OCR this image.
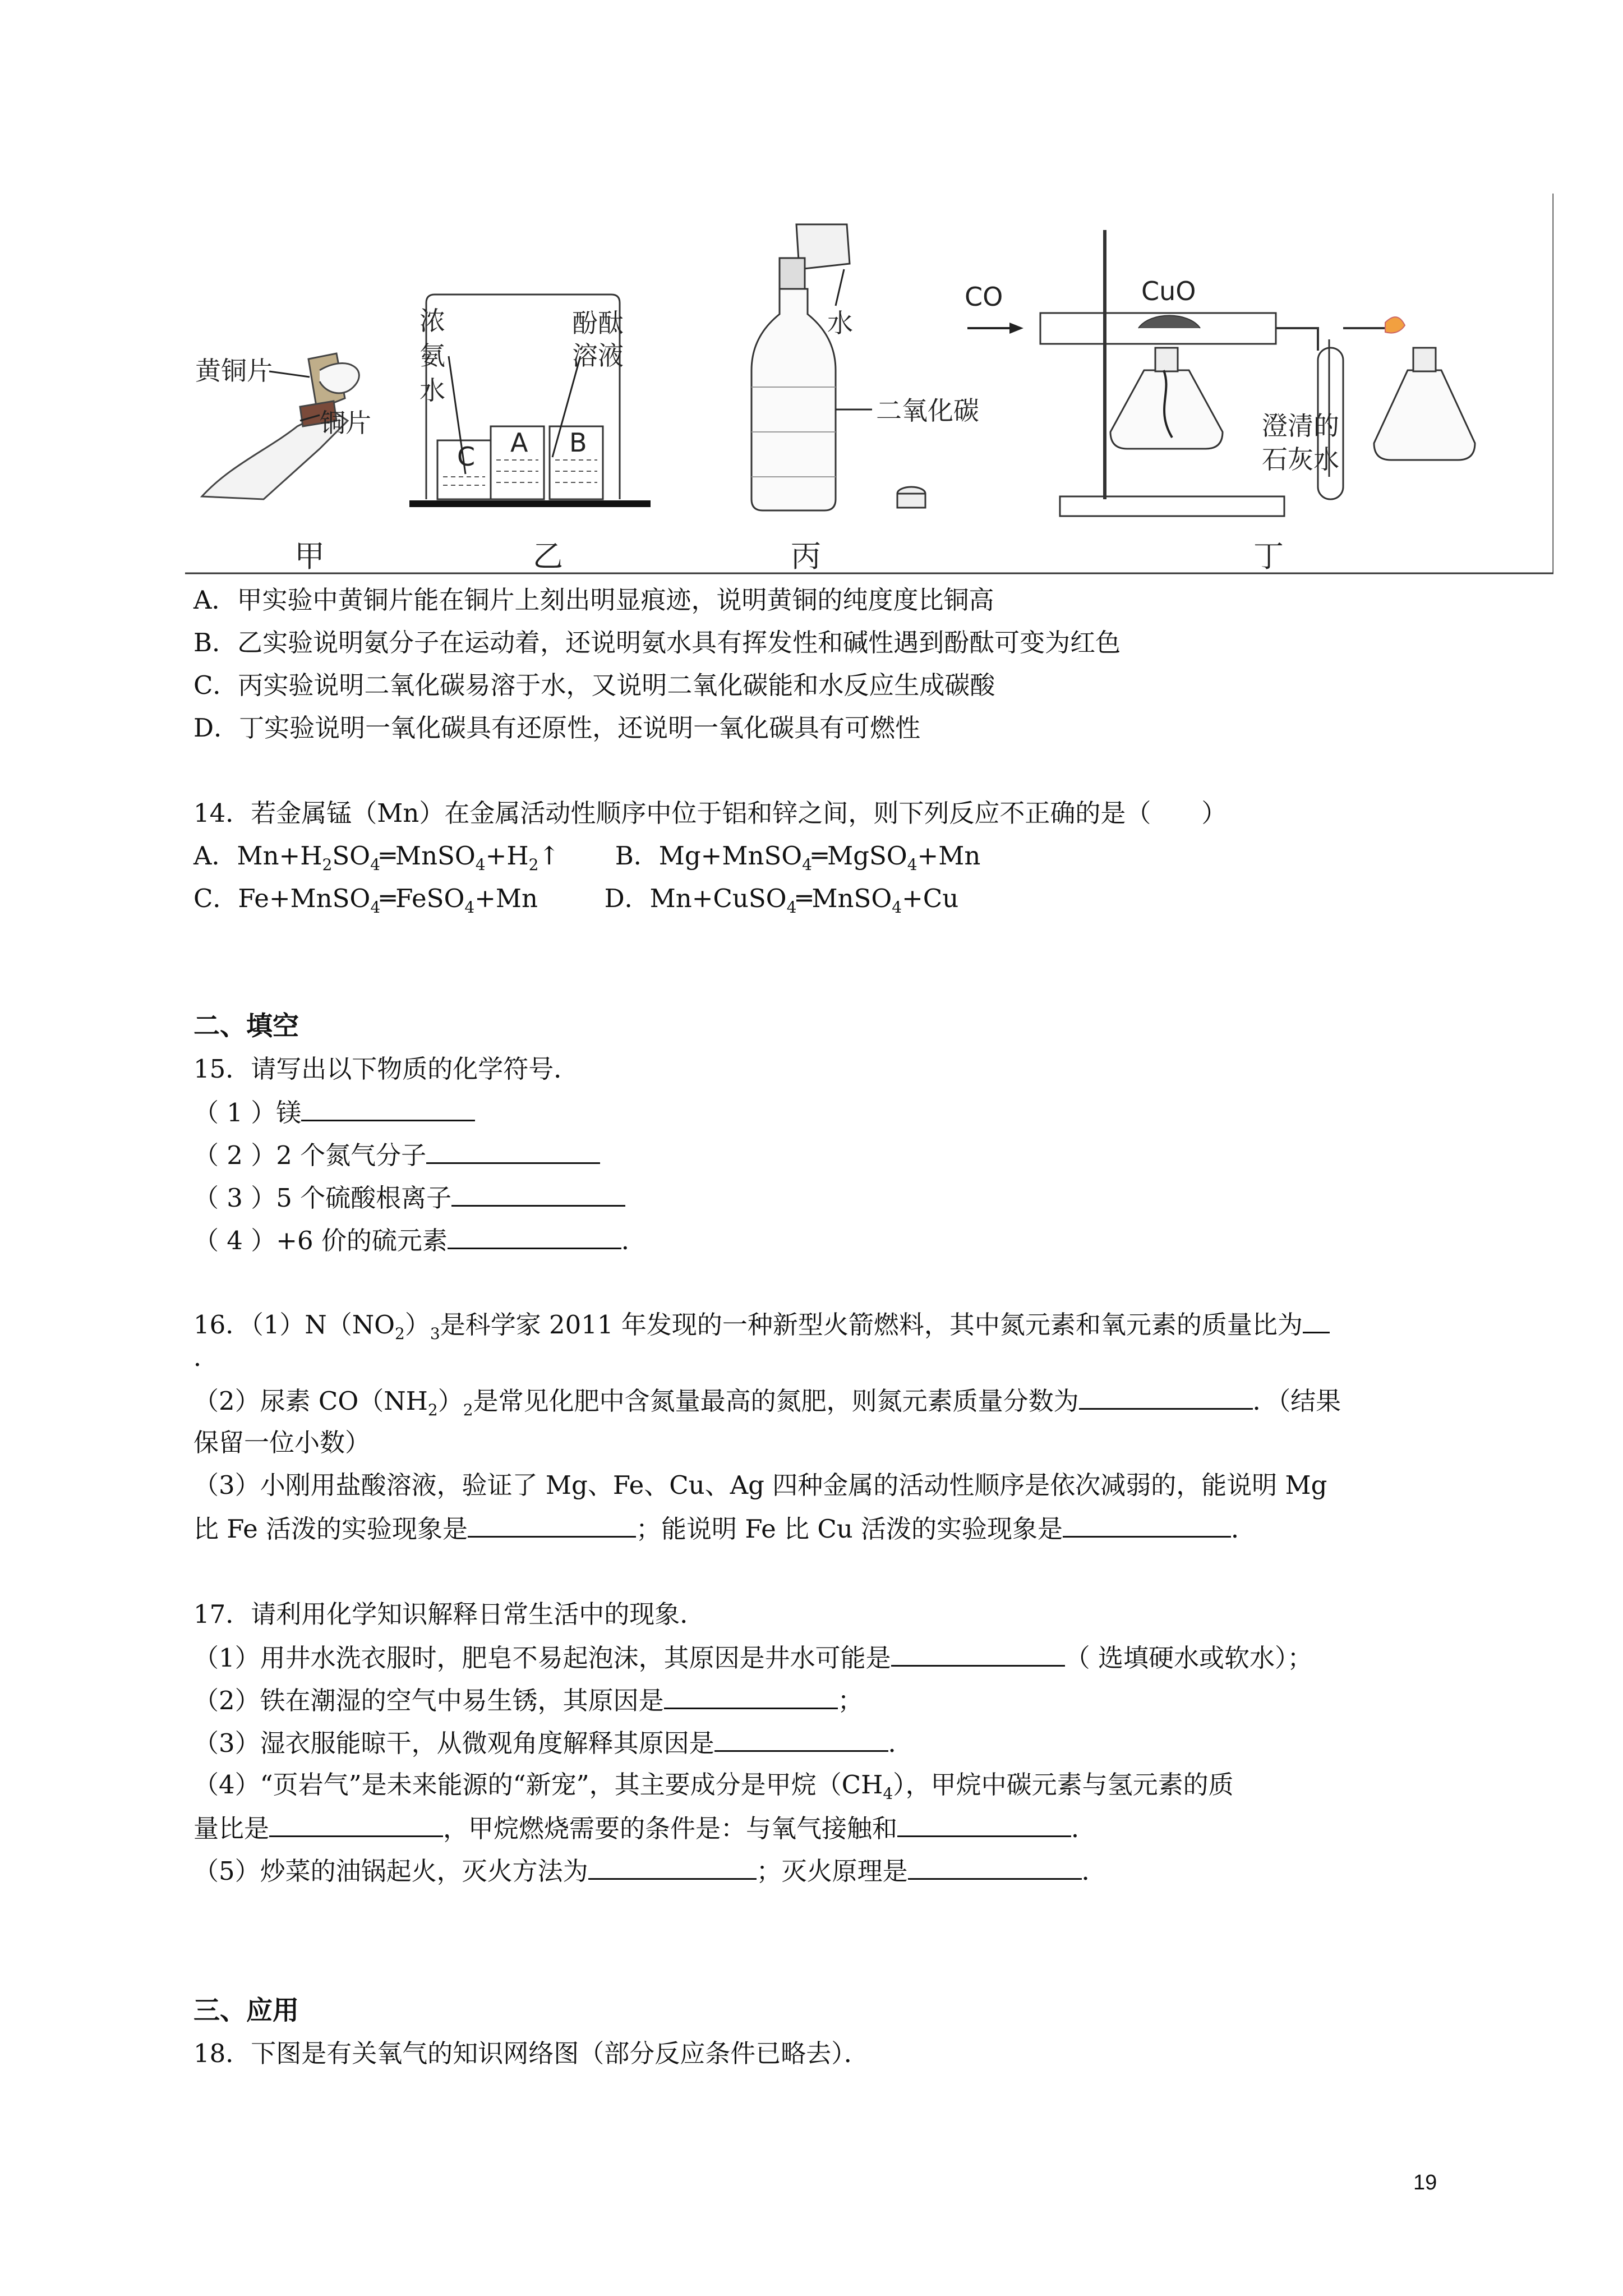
黄铜片
铜片
浓
氨
水
酚酞
溶液
C A B
水
二氧化碳
CO	CuO
澄清的
石灰水
甲	乙	丙	丁
A．甲实验中黄铜片能在铜片上刻出明显痕迹，说明黄铜的纯度度比铜高
B．乙实验说明氨分子在运动着，还说明氨水具有挥发性和碱性遇到酚酞可变为红色
C．丙实验说明二氧化碳易溶于水，又说明二氧化碳能和水反应生成碳酸
D．丁实验说明一氧化碳具有还原性，还说明一氧化碳具有可燃性
14．若金属锰（Mn）在金属活动性顺序中位于铝和锌之间，则下列反应不正确的是（　　）
A．$Mn+H_2SO_4═MnSO_4+H_2↑$ B．Mg+MnSO$_4$═MgSO$_4$+Mn
C．Fe+MnSO$_4$═FeSO$_4$+Mn	D．Mn+CuSO$_4$═MnSO$_4$+Cu
二、填空
15．请写出以下物质的化学符号．
（ 1 ）镁
（ 2 ）2 个氮气分子
（ 3 ）5 个硫酸根离子
（ 4 ）+6 价的硫元素	．
16．$(1)N(NO_2)_3$是科学家 2011 年发现的一种新型火箭燃料，其中氮元素和氧元素的质量比为
．
（2）尿素 $CO(NH_2)_2$是常见化肥中含氮量最高的氮肥，则氮元素质量分数为	．（结果
保留一位小数）
（3）小刚用盐酸溶液，验证了 Mg、Fe、Cu、Ag 四种金属的活动性顺序是依次减弱的，能说明 Mg
比 Fe 活泼的实验现象是	；能说明 Fe 比 Cu 活泼的实验现象是	．
17．请利用化学知识解释日常生活中的现象．
（1）用井水洗衣服时，肥皂不易起泡沫，其原因是井水可能是	（ 选填硬水或软水）；
（2）铁在潮湿的空气中易生锈，其原因是	；
（3）湿衣服能晾干，从微观角度解释其原因是	．
（4）“页岩气”是未来能源的“新宠”，其主要成分是甲烷$(CH_4)$，甲烷中碳元素与氢元素的质
量比是	，甲烷燃烧需要的条件是：与氧气接触和	．
（5）炒菜的油锅起火，灭火方法为	；灭火原理是	．
三、应用
18．下图是有关氧气的知识网络图（部分反应条件已略去）．
19
